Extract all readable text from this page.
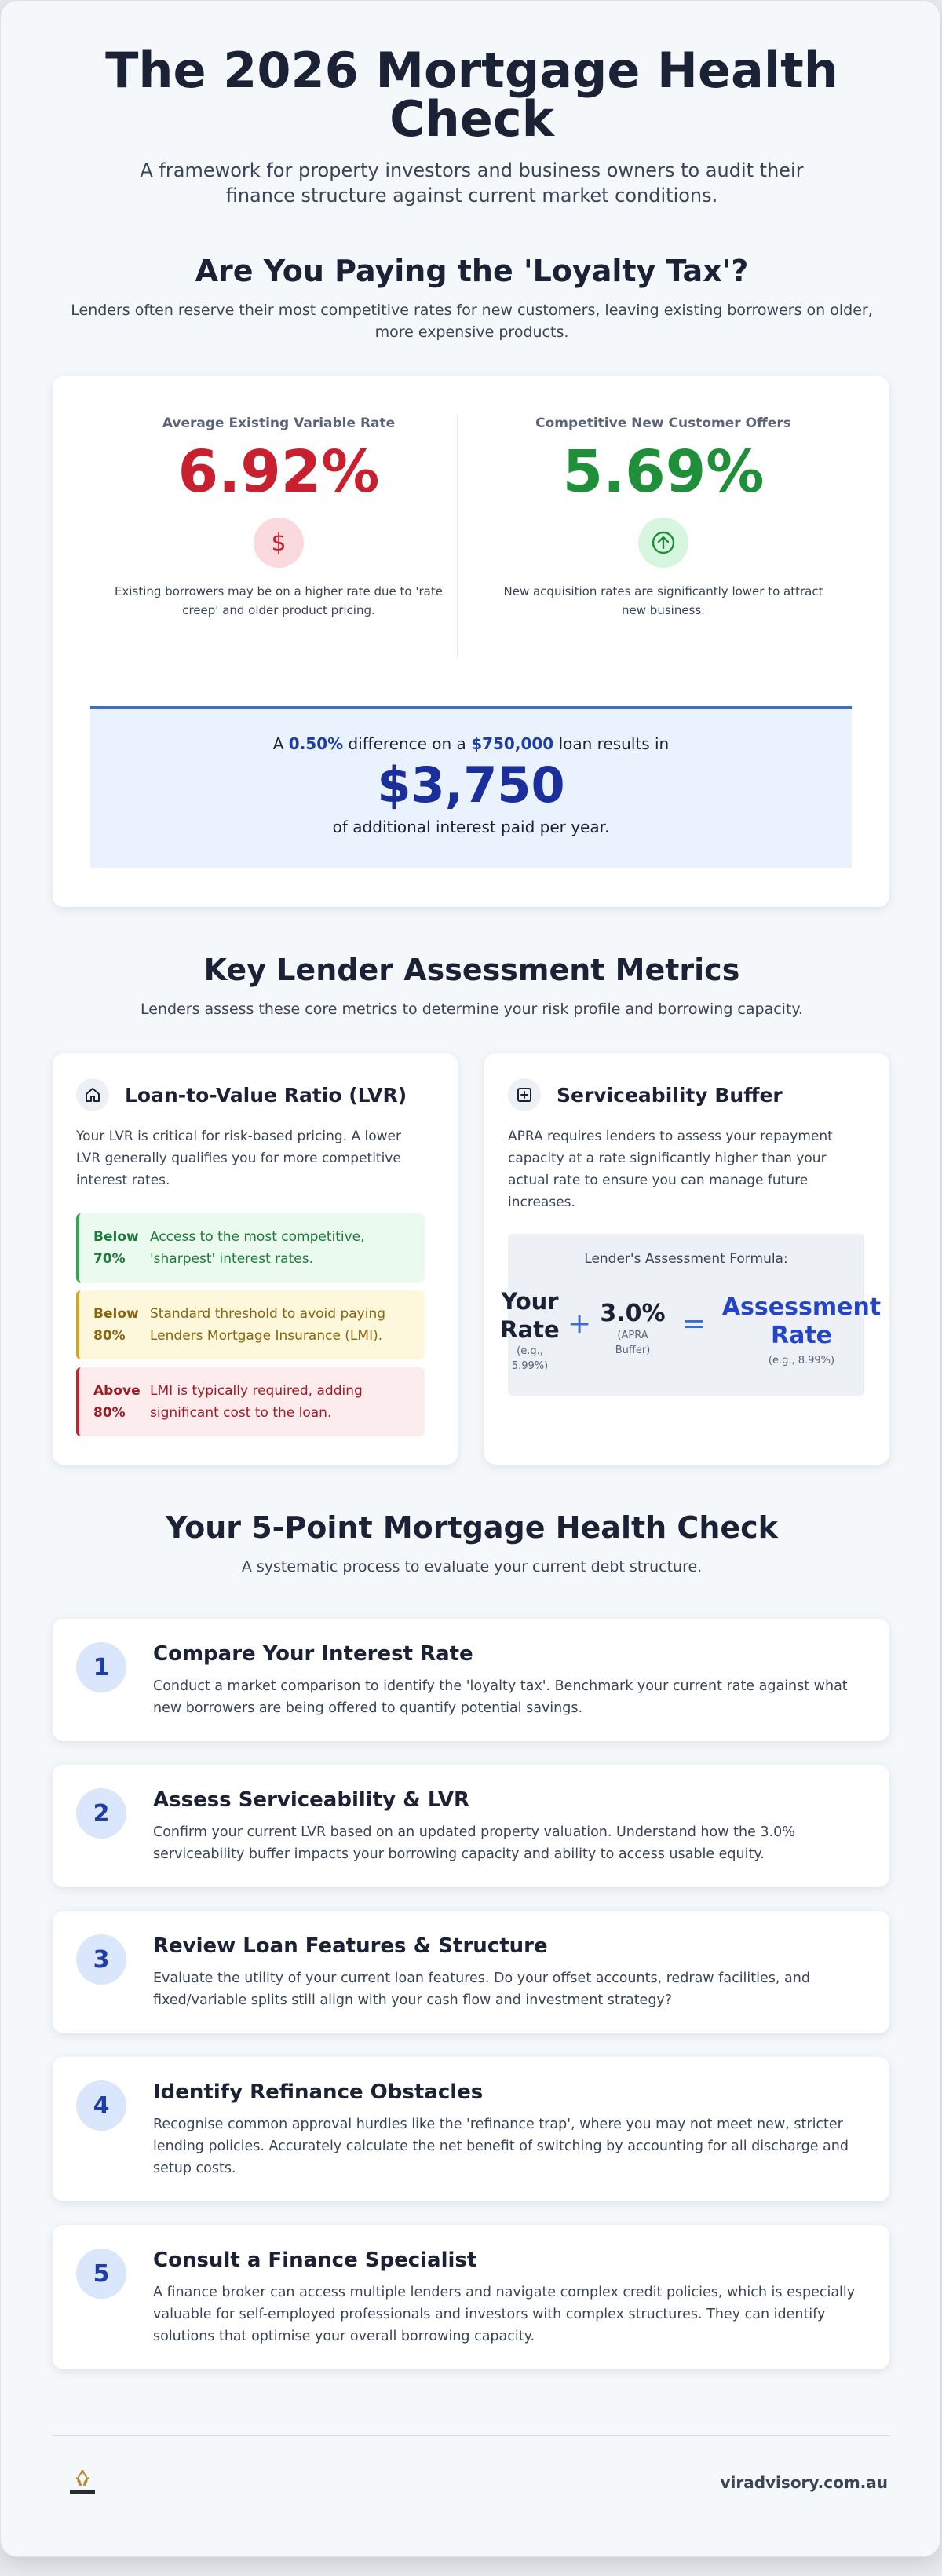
The 2026 Mortgage Health Check

A framework for property investors and business owners to audit their finance structure against current market conditions.

Are You Paying the 'Loyalty Tax'?

Lenders often reserve their most competitive rates for new customers, leaving existing borrowers on older, more expensive products.

Average Existing Variable Rate
6.92%
$
Existing borrowers may be on a higher rate due to 'rate creep' and older product pricing.
Competitive New Customer Offers
5.69%
New acquisition rates are significantly lower to attract new business.
A 0.50% difference on a $750,000 loan results in
$3,750
of additional interest paid per year.
Key Lender Assessment Metrics

Lenders assess these core metrics to determine your risk profile and borrowing capacity.

Loan-to-Value Ratio (LVR)
Your LVR is critical for risk-based pricing. A lower LVR generally qualifies you for more competitive interest rates.
Below 70%
Access to the most competitive, 'sharpest' interest rates.
Below 80%
Standard threshold to avoid paying Lenders Mortgage Insurance (LMI).
Above 80%
LMI is typically required, adding significant cost to the loan.
Serviceability Buffer
APRA requires lenders to assess your repayment capacity at a rate significantly higher than your actual rate to ensure you can manage future increases.
Lender's Assessment Formula:
Your Rate
(e.g., 5.99%)
+ 3.0%
(APRA Buffer)
=
Assessment Rate
(e.g., 8.99%)
Your 5-Point Mortgage Health Check

A systematic process to evaluate your current debt structure.

1	Compare Your Interest Rate
Conduct a market comparison to identify the 'loyalty tax'. Benchmark your current rate against what new borrowers are being offered to quantify potential savings.
2	Assess Serviceability & LVR
Confirm your current LVR based on an updated property valuation. Understand how the 3.0% serviceability buffer impacts your borrowing capacity and ability to access usable equity.
3	Review Loan Features & Structure
Evaluate the utility of your current loan features. Do your offset accounts, redraw facilities, and fixed/variable splits still align with your cash flow and investment strategy?
4	Identify Refinance Obstacles
Recognise common approval hurdles like the 'refinance trap', where you may not meet new, stricter lending policies. Accurately calculate the net benefit of switching by accounting for all discharge and setup costs.
5	Consult a Finance Specialist
A finance broker can access multiple lenders and navigate complex credit policies, which is especially valuable for self-employed professionals and investors with complex structures. They can identify solutions that optimise your overall borrowing capacity.
viradvisory.com.au
